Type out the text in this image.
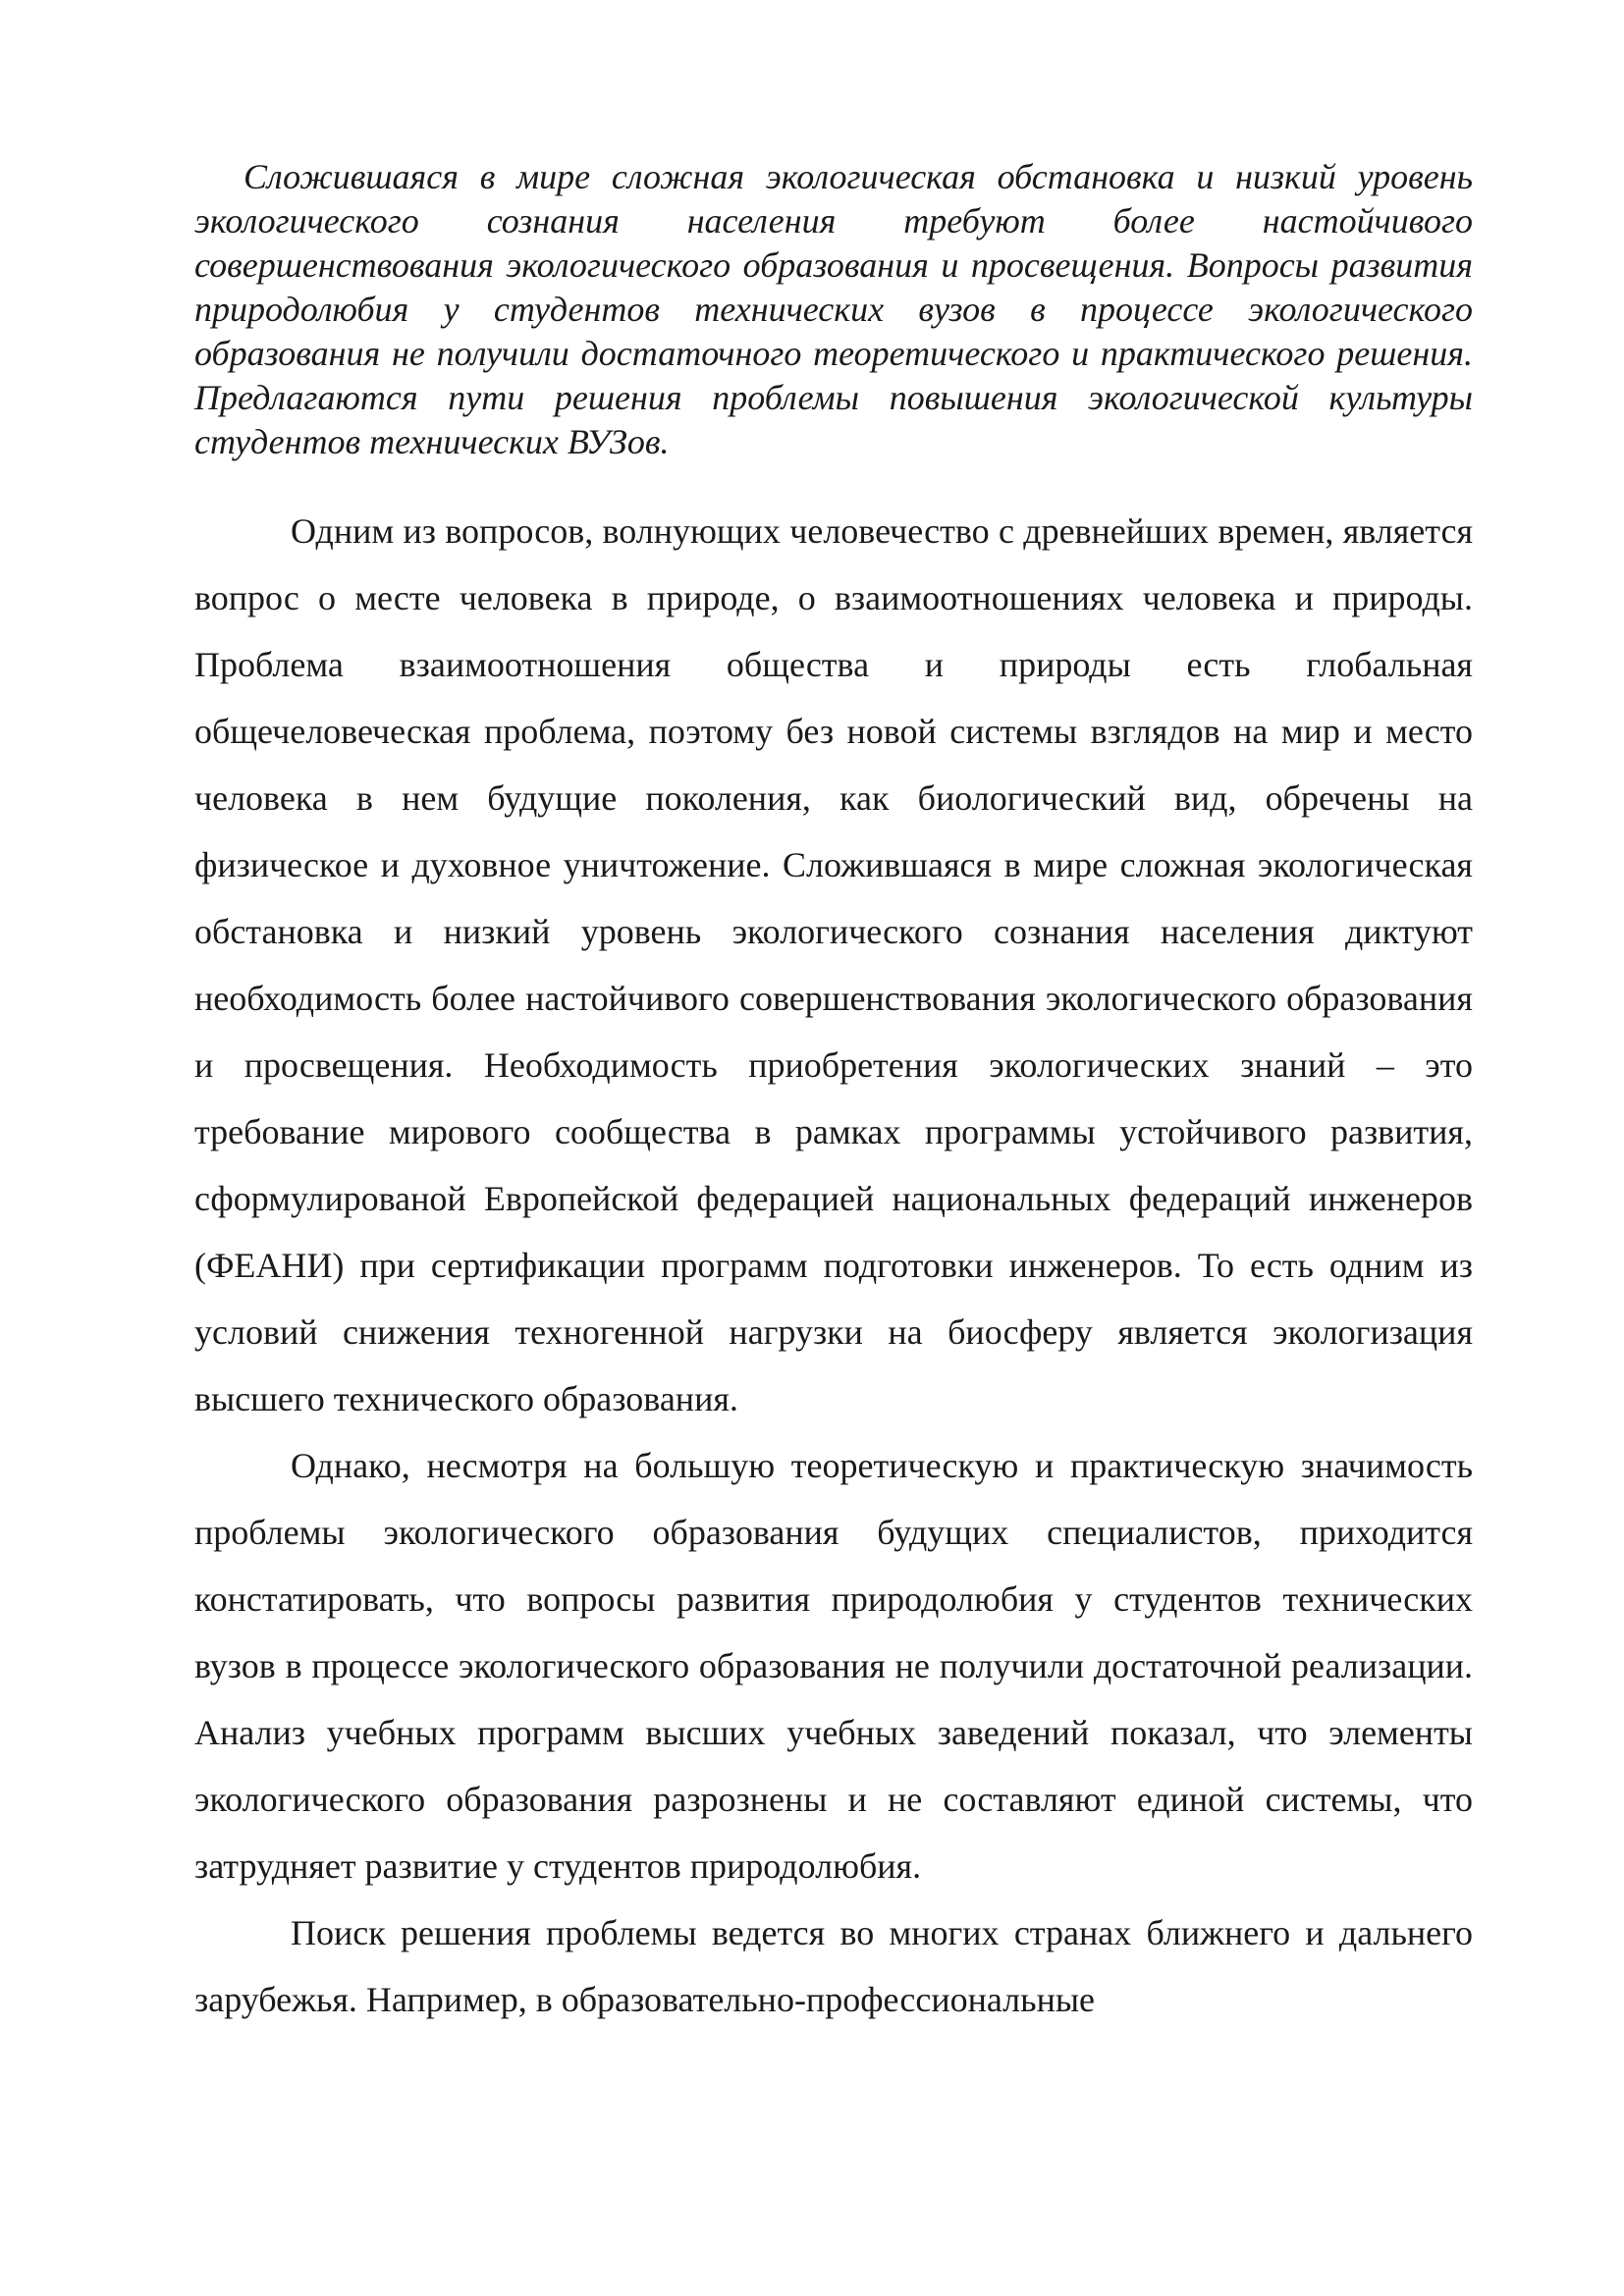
Сложившаяся в мире сложная экологическая обстановка и низкий уровень экологического сознания населения требуют более настойчивого совершенствования экологического образования и просвещения. Вопросы развития природолюбия у студентов технических вузов в процессе экологического образования не получили достаточного теоретического и практического решения. Предлагаются пути решения проблемы повышения экологической культуры студентов технических ВУЗов.

Одним из вопросов, волнующих человечество с древнейших времен, является вопрос о месте человека в природе, о взаимоотношениях человека и природы. Проблема взаимоотношения общества и природы есть глобальная общечеловеческая проблема, поэтому без новой системы взглядов на мир и место человека в нем будущие поколения, как биологический вид, обречены на физическое и духовное уничтожение. Сложившаяся в мире сложная экологическая обстановка и низкий уровень экологического сознания населения диктуют необходимость более настойчивого совершенствования экологического образования и просвещения. Необходимость приобретения экологических знаний – это требование мирового сообщества в рамках программы устойчивого развития, сформулированой Европейской федерацией национальных федераций инженеров (ФЕАНИ) при сертификации программ подготовки инженеров. То есть одним из условий снижения техногенной нагрузки на биосферу является экологизация высшего технического образования.

Однако, несмотря на большую теоретическую и практическую значимость проблемы экологического образования будущих специалистов, приходится констатировать, что вопросы развития природолюбия у студентов технических вузов в процессе экологического образования не получили достаточной реализации. Анализ учебных программ высших учебных заведений показал, что элементы экологического образования разрознены и не составляют единой системы, что затрудняет развитие у студентов природолюбия.

Поиск решения проблемы ведется во многих странах ближнего и дальнего зарубежья. Например, в образовательно-профессиональные
